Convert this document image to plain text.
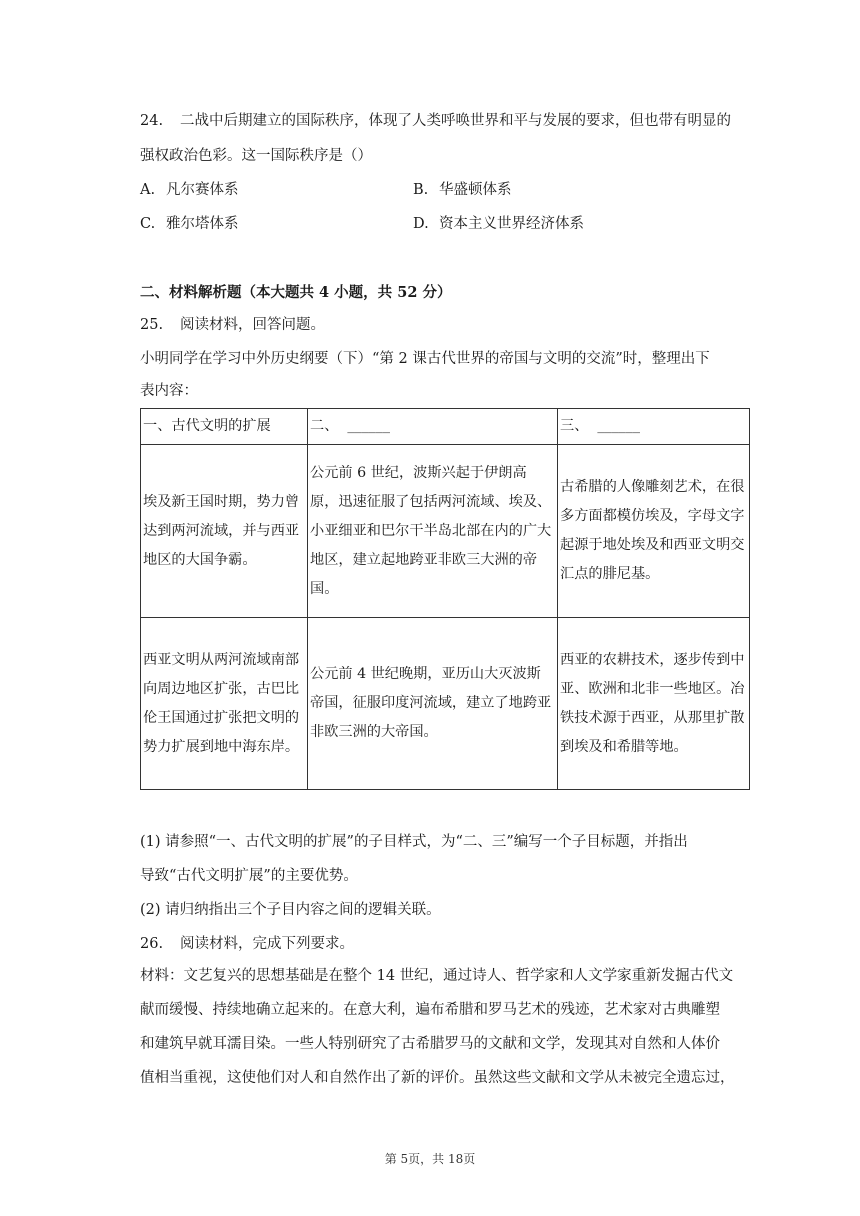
24. 二战中后期建立的国际秩序，体现了人类呼唤世界和平与发展的要求，但也带有明显的
强权政治色彩。这一国际秩序是（）
A. 凡尔赛体系	B. 华盛顿体系
C. 雅尔塔体系	D. 资本主义世界经济体系
二、材料解析题（本大题共 4 小题，共 52 分）
25. 阅读材料，回答问题。
小明同学在学习中外历史纲要（下）“第 2 课古代世界的帝国与文明的交流”时，整理出下
表内容：
一、古代文明的扩展	二、  ______	三、  ______
埃及新王国时期，势力曾达到两河流域，并与西亚地区的大国争霸。	公元前 6 世纪，波斯兴起于伊朗高原，迅速征服了包括两河流域、埃及、小亚细亚和巴尔干半岛北部在内的广大地区，建立起地跨亚非欧三大洲的帝国。	古希腊的人像雕刻艺术，在很多方面都模仿埃及，字母文字起源于地处埃及和西亚文明交汇点的腓尼基。
西亚文明从两河流域南部向周边地区扩张，古巴比伦王国通过扩张把文明的势力扩展到地中海东岸。	公元前 4 世纪晚期，亚历山大灭波斯帝国，征服印度河流域，建立了地跨亚非欧三洲的大帝国。	西亚的农耕技术，逐步传到中亚、欧洲和北非一些地区。冶铁技术源于西亚，从那里扩散到埃及和希腊等地。
(1) 请参照“一、古代文明的扩展”的子目样式，为“二、三”编写一个子目标题，并指出
导致“古代文明扩展”的主要优势。
(2) 请归纳指出三个子目内容之间的逻辑关联。
26. 阅读材料，完成下列要求。
材料：文艺复兴的思想基础是在整个 14 世纪，通过诗人、哲学家和人文学家重新发掘古代文
献而缓慢、持续地确立起来的。在意大利，遍布希腊和罗马艺术的残迹，艺术家对古典雕塑
和建筑早就耳濡目染。一些人特别研究了古希腊罗马的文献和文学，发现其对自然和人体价
值相当重视，这使他们对人和自然作出了新的评价。虽然这些文献和文学从未被完全遗忘过，
第 5页，共 18页
